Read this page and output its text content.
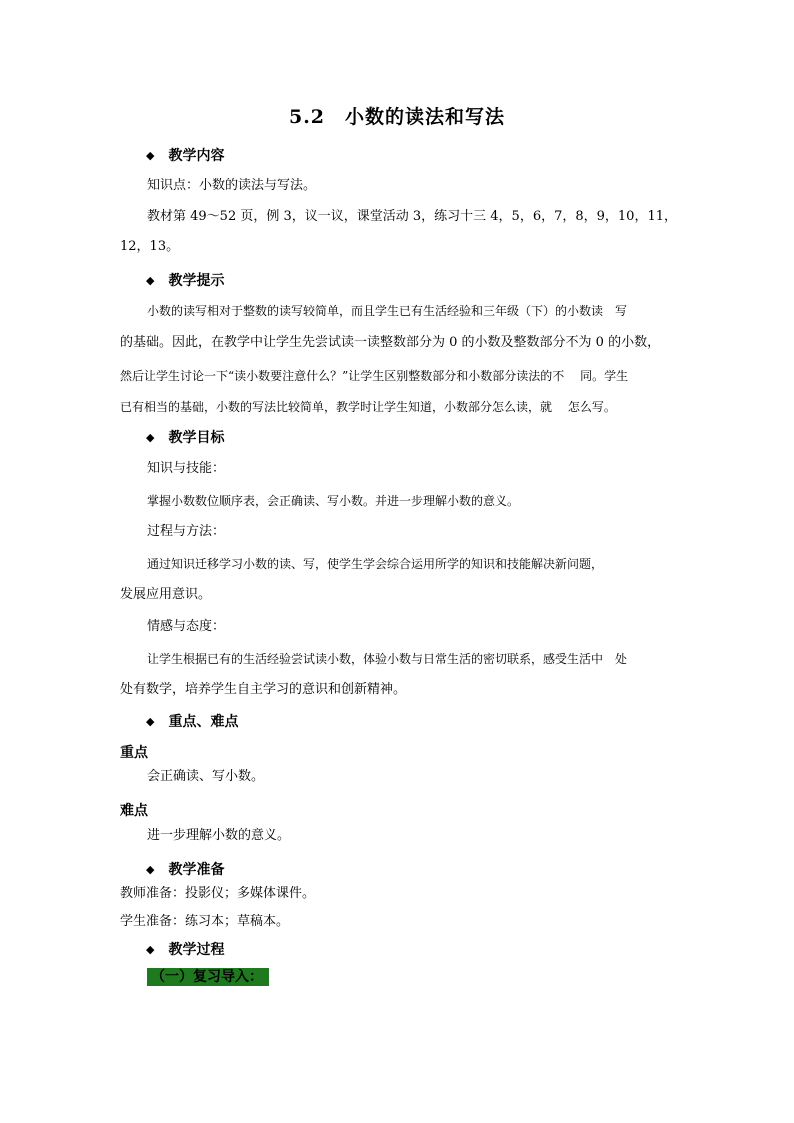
5.2　小数的读法和写法
◆ 教学内容
知识点：小数的读法与写法。
教材第 49～52 页，例 3，议一议，课堂活动 3，练习十三 4，5，6，7，8，9，10，11，
12，13。
◆ 教学提示
小数的读写相对于整数的读写较简单，而且学生已有生活经验和三年级（下）的小数读　写
的基础。因此，在教学中让学生先尝试读一读整数部分为 0 的小数及整数部分不为 0 的小数，
然后让学生讨论一下“读小数要注意什么？”让学生区别整数部分和小数部分读法的不　 同。学生
已有相当的基础，小数的写法比较简单，教学时让学生知道，小数部分怎么读，就　 怎么写。
◆ 教学目标
知识与技能：
掌握小数数位顺序表，会正确读、写小数。并进一步理解小数的意义。
过程与方法：
通过知识迁移学习小数的读、写，使学生学会综合运用所学的知识和技能解决新问题，
发展应用意识。
情感与态度：
让学生根据已有的生活经验尝试读小数，体验小数与日常生活的密切联系，感受生活中　处
处有数学，培养学生自主学习的意识和创新精神。
◆ 重点、难点
重点
会正确读、写小数。
难点
进一步理解小数的意义。
◆ 教学准备
教师准备：投影仪；多媒体课件。
学生准备：练习本；草稿本。
◆ 教学过程
（一）复习导入：
